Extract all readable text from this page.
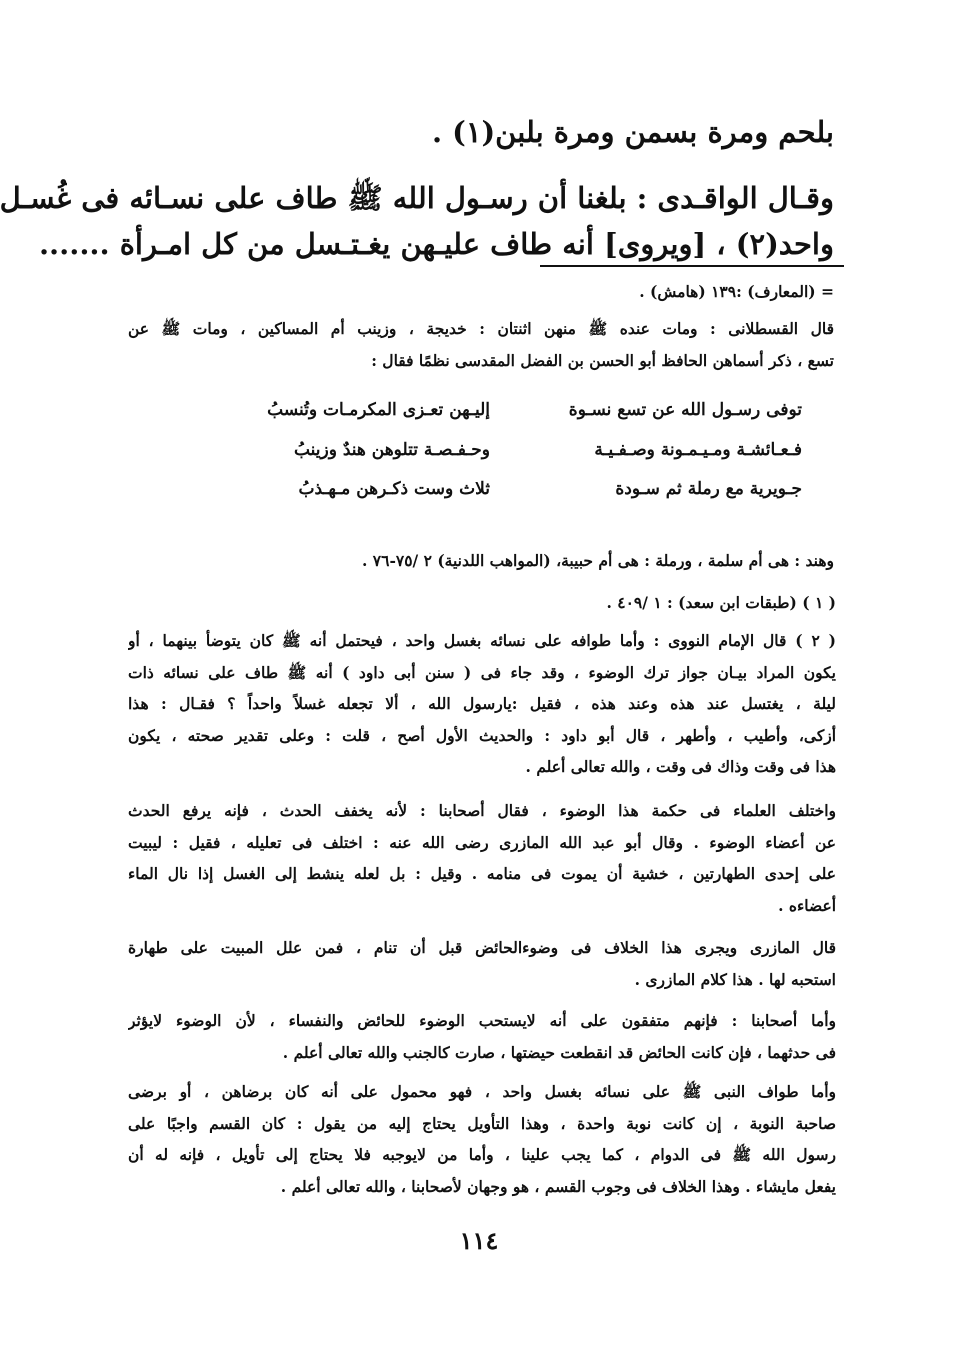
بلحم ومرة بسمن ومرة بلبن(١) .
وقـال الواقـدى : بلغنا أن رسـول الله ﷺ طاف على نسـائه فى غُسـل
واحد(٢) ، [ويروى] أنه طاف عليـهن يغـتـسل من كل امـرأة .......
= (المعارف) :١٣٩ (هامش) .
قال القسطلانى : ومات عنده ﷺ منهن اثنتان : خديجة ، وزينب أم المساكين ، ومات ﷺ عن
تسع ، ذكر أسماهن الحافظ أبو الحسن بن الفضل المقدسى نظمًا فقال :
توفى رسـول الله عن تسع نسـوة
إليـهن تعـزى المكرمـات وتُنسبُ
فـعـائشـة ومـيـمـونة وصـفـيـة
وحـفـصـة تتلوهن هندٌ وزينبُ
جـويرية مع رملة ثم سـودة
ثلاث وست ذكـرهن مـهـذبُ
وهند : هى أم سلمة ، ورملة : هى أم حبيبة، (المواهب اللدنية) ٢ /٧٥-٧٦ .
( ١ ) (طبقات ابن سعد) : ١ /٤٠٩ .
( ٢ ) قال الإمام النووى : وأما طوافه على نسائه بغسل واحد ، فيحتمل أنه ﷺ كان يتوضأ بينهما ، أو
يكون المراد بيـان جواز ترك الوضوء ، وقد جاء فى ( سنن أبى داود ) أنه ﷺ طاف على نسائه ذات
ليلة ، يغتسل عند هذه وعند هذه ، فقيل :يارسول الله ، ألا تجعله غسلاً واحداً ؟ فقـال : هذا
أزكى، وأطيب ، وأطهر ، قال أبو داود : والحديث الأول أصح ، قلت : وعلى تقدير صحته ، يكون
هذا فى وقت وذاك فى وقت ، والله تعالى أعلم .
واختلف العلماء فى حكمة هذا الوضوء ، فقال أصحابنا : لأنه يخفف الحدث ، فإنه يرفع الحدث
عن أعضاء الوضوء . وقال أبو عبد الله المازرى رضى الله عنه : اختلف فى تعليله ، فقيل : ليبيت
على إحدى الطهارتين ، خشية أن يموت فى منامه . وقيل : بل لعله ينشط إلى الغسل إذا نال الماء
أعضاءه .
قال المازرى ويجرى هذا الخلاف فى وضوءالحائض قبل أن تنام ، فمن علل المبيت على طهارة
استحبه لها . هذا كلام المازرى .
وأما أصحابنا : فإنهم متفقون على أنه لايستحب الوضوء للحائض والنفساء ، لأن الوضوء لايؤثر
فى حدثهما ، فإن كانت الحائض قد انقطعت حيضتها ، صارت كالجنب والله تعالى أعلم .
وأما طواف النبى ﷺ على نسائه بغسل واحد ، فهو محمول على أنه كان برضاهن ، أو برضى
صاحبة النوبة ، إن كانت نوبة واحدة ، وهذا التأويل يحتاج إليه من يقول : كان القسم واجبًا على
رسول الله ﷺ فى الدوام ، كما يجب علينا ، وأما من لايوجبه فلا يحتاج إلى تأويل ، فإنه له أن
يفعل مايشاء . وهذا الخلاف فى وجوب القسم ، هو وجهان لأصحابنا ، والله تعالى أعلم .
١١٤
